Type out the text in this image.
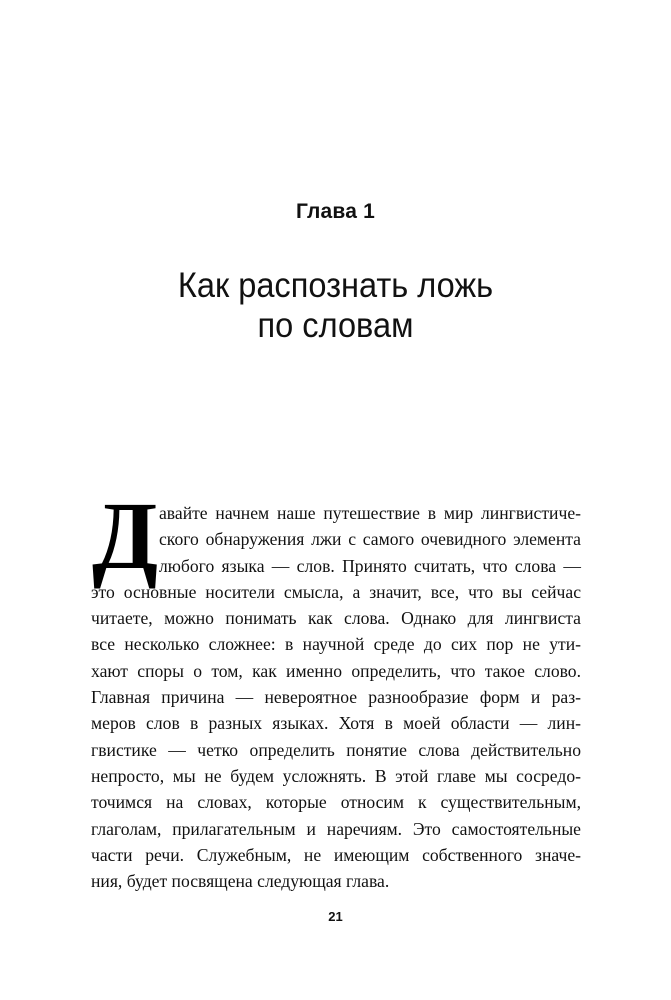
Глава 1
Как распознать ложь
по словам
Д авайте начнем наше путешествие в мир лингвистиче-
ского обнаружения лжи с самого очевидного элемента
любого языка — слов. Принято считать, что слова —
это основные носители смысла, а значит, все, что вы сейчас
читаете, можно понимать как слова. Однако для лингвиста
все несколько сложнее: в научной среде до сих пор не ути-
хают споры о том, как именно определить, что такое слово.
Главная причина — невероятное разнообразие форм и раз-
меров слов в разных языках. Хотя в моей области — лин-
гвистике — четко определить понятие слова действительно
непросто, мы не будем усложнять. В этой главе мы сосредо-
точимся на словах, которые относим к существительным,
глаголам, прилагательным и наречиям. Это самостоятельные
части речи. Служебным, не имеющим собственного значе-
ния, будет посвящена следующая глава.
21
